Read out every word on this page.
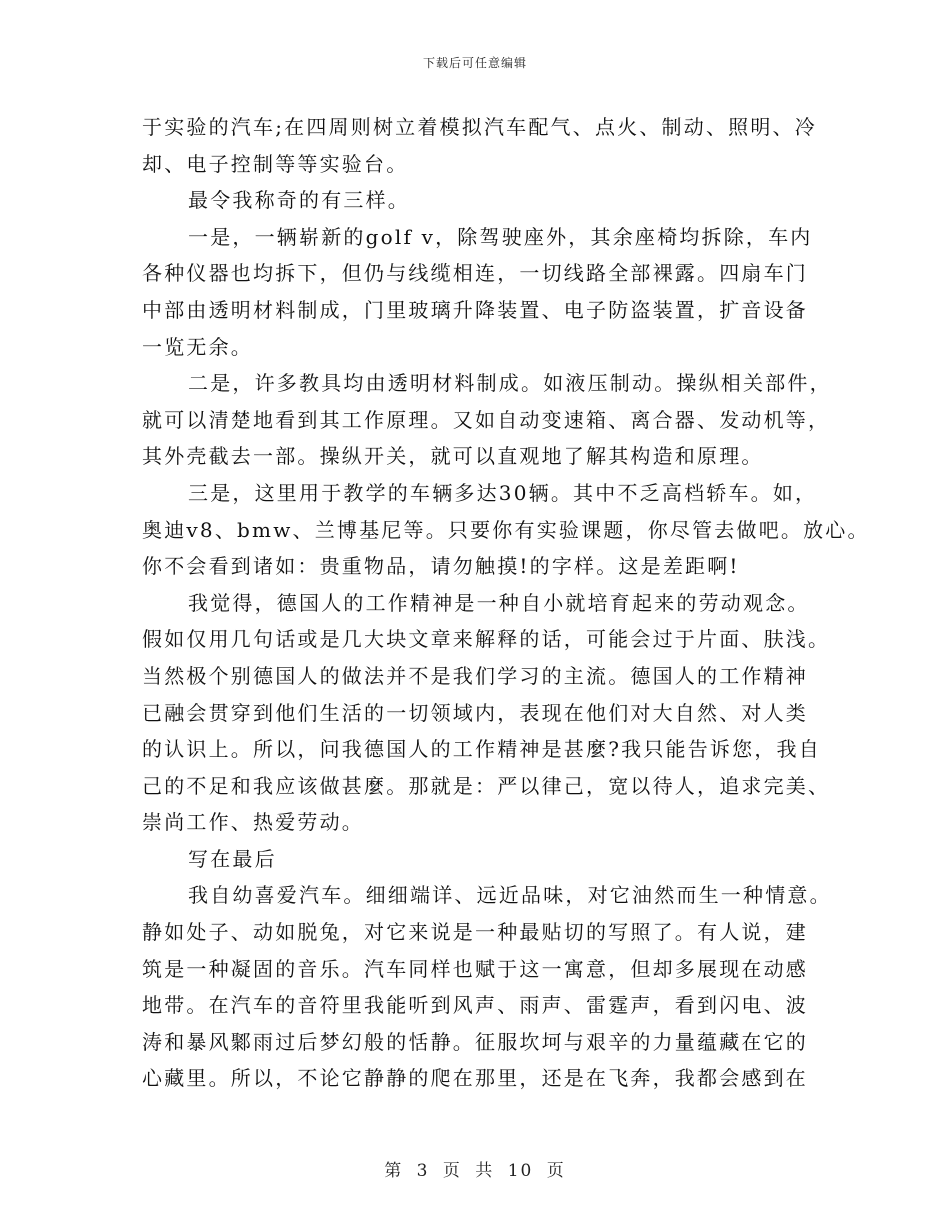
下载后可任意编辑
于实验的汽车;在四周则树立着模拟汽车配气、点火、制动、照明、冷
却、电子控制等等实验台。
最令我称奇的有三样。
一是，一辆崭新的golf v，除驾驶座外，其余座椅均拆除，车内
各种仪器也均拆下，但仍与线缆相连，一切线路全部裸露。四扇车门
中部由透明材料制成，门里玻璃升降装置、电子防盗装置，扩音设备
一览无余。
二是，许多教具均由透明材料制成。如液压制动。操纵相关部件，
就可以清楚地看到其工作原理。又如自动变速箱、离合器、发动机等，
其外壳截去一部。操纵开关，就可以直观地了解其构造和原理。
三是，这里用于教学的车辆多达30辆。其中不乏高档轿车。如，
奥迪v8、bmw、兰博基尼等。只要你有实验课题，你尽管去做吧。放心。
你不会看到诸如：贵重物品，请勿触摸!的字样。这是差距啊!
我觉得，德国人的工作精神是一种自小就培育起来的劳动观念。
假如仅用几句话或是几大块文章来解释的话，可能会过于片面、肤浅。
当然极个别德国人的做法并不是我们学习的主流。德国人的工作精神
已融会贯穿到他们生活的一切领域内，表现在他们对大自然、对人类
的认识上。所以，问我德国人的工作精神是甚麼?我只能告诉您，我自
己的不足和我应该做甚麼。那就是：严以律己，宽以待人，追求完美、
崇尚工作、热爱劳动。
写在最后
我自幼喜爱汽车。细细端详、远近品味，对它油然而生一种情意。
静如处子、动如脱兔，对它来说是一种最贴切的写照了。有人说，建
筑是一种凝固的音乐。汽车同样也赋于这一寓意，但却多展现在动感
地带。在汽车的音符里我能听到风声、雨声、雷霆声，看到闪电、波
涛和暴风鄹雨过后梦幻般的恬静。征服坎坷与艰辛的力量蕴藏在它的
心藏里。所以，不论它静静的爬在那里，还是在飞奔，我都会感到在
第 3 页 共 10 页
